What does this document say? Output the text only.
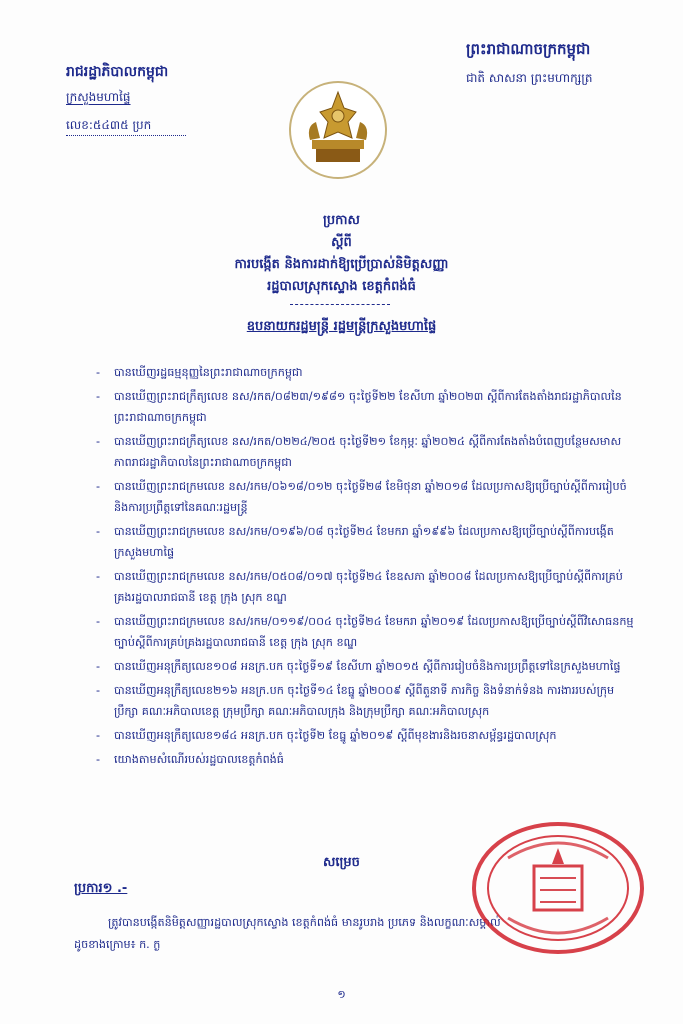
រាជរដ្ឋាភិបាលកម្ពុជា
ក្រសួងមហាផ្ទៃ
លេខ:៥៤៣៥ ប្រក
ព្រះរាជាណាចក្រកម្ពុជា
ជាតិ សាសនា ព្រះមហាក្សត្រ
ប្រកាស
ស្តីពី
ការបង្កើត និងការដាក់ឱ្យប្រើប្រាស់និមិត្តសញ្ញា
រដ្ឋបាលស្រុកស្ទោង ខេត្តកំពង់ធំ
ឧបនាយករដ្ឋមន្ត្រី រដ្ឋមន្ត្រីក្រសួងមហាផ្ទៃ
- បានឃើញរដ្ឋធម្មនុញ្ញនៃព្រះរាជាណាចក្រកម្ពុជា
- បានឃើញព្រះរាជក្រឹត្យលេខ នស/រកត/០៨២៣/១៩៨១ ចុះថ្ងៃទី២២ ខែសីហា ឆ្នាំ២០២៣ ស្តីពីការតែងតាំងរាជរដ្ឋាភិបាលនៃព្រះរាជាណាចក្រកម្ពុជា
- បានឃើញព្រះរាជក្រឹត្យលេខ នស/រកត/០២២៤/២០៥ ចុះថ្ងៃទី២១ ខែកុម្ភៈ ឆ្នាំ២០២៤ ស្តីពីការតែងតាំងបំពេញបន្ថែមសមាសភាពរាជរដ្ឋាភិបាលនៃព្រះរាជាណាចក្រកម្ពុជា
- បានឃើញព្រះរាជក្រមលេខ នស/រកម/០៦១៨/០១២ ចុះថ្ងៃទី២៨ ខែមិថុនា ឆ្នាំ២០១៨ ដែលប្រកាសឱ្យប្រើច្បាប់ស្តីពីការរៀបចំនិងការប្រព្រឹត្តទៅនៃគណៈរដ្ឋមន្ត្រី
- បានឃើញព្រះរាជក្រមលេខ នស/រកម/០១៩៦/០៨ ចុះថ្ងៃទី២៤ ខែមករា ឆ្នាំ១៩៩៦ ដែលប្រកាសឱ្យប្រើច្បាប់ស្តីពីការបង្កើតក្រសួងមហាផ្ទៃ
- បានឃើញព្រះរាជក្រមលេខ នស/រកម/០៥០៨/០១៧ ចុះថ្ងៃទី២៤ ខែឧសភា ឆ្នាំ២០០៨ ដែលប្រកាសឱ្យប្រើច្បាប់ស្តីពីការគ្រប់គ្រងរដ្ឋបាលរាជធានី ខេត្ត ក្រុង ស្រុក ខណ្ឌ
- បានឃើញព្រះរាជក្រមលេខ នស/រកម/០១១៩/០០៤ ចុះថ្ងៃទី២៤ ខែមករា ឆ្នាំ២០១៩ ដែលប្រកាសឱ្យប្រើច្បាប់ស្តីពីវិសោធនកម្មច្បាប់ស្តីពីការគ្រប់គ្រងរដ្ឋបាលរាជធានី ខេត្ត ក្រុង ស្រុក ខណ្ឌ
- បានឃើញអនុក្រឹត្យលេខ១០៨ អនក្រ.បក ចុះថ្ងៃទី១៩ ខែសីហា ឆ្នាំ២០១៥ ស្តីពីការរៀបចំនិងការប្រព្រឹត្តទៅនៃក្រសួងមហាផ្ទៃ
- បានឃើញអនុក្រឹត្យលេខ២១៦ អនក្រ.បក ចុះថ្ងៃទី១៤ ខែធ្នូ ឆ្នាំ២០០៩ ស្តីពីតួនាទី ភារកិច្ច និងទំនាក់ទំនង ការងាររបស់ក្រុមប្រឹក្សា គណៈអភិបាលខេត្ត ក្រុមប្រឹក្សា គណៈអភិបាលក្រុង និងក្រុមប្រឹក្សា គណៈអភិបាលស្រុក
- បានឃើញអនុក្រឹត្យលេខ១៨៤ អនក្រ.បក ចុះថ្ងៃទី២ ខែធ្នូ ឆ្នាំ២០១៩ ស្តីពីមុខងារនិងរចនាសម្ព័ន្ធរដ្ឋបាលស្រុក
- យោងតាមសំណើរបស់រដ្ឋបាលខេត្តកំពង់ធំ
សម្រេច
ប្រការ១ .-
ត្រូវបានបង្កើតនិមិត្តសញ្ញារដ្ឋបាលស្រុកស្ទោង ខេត្តកំពង់ធំ មានរូបរាង ប្រភេទ និងលក្ខណៈសម្គាល់
ដូចខាងក្រោម៖ ក. ក្ង
១
